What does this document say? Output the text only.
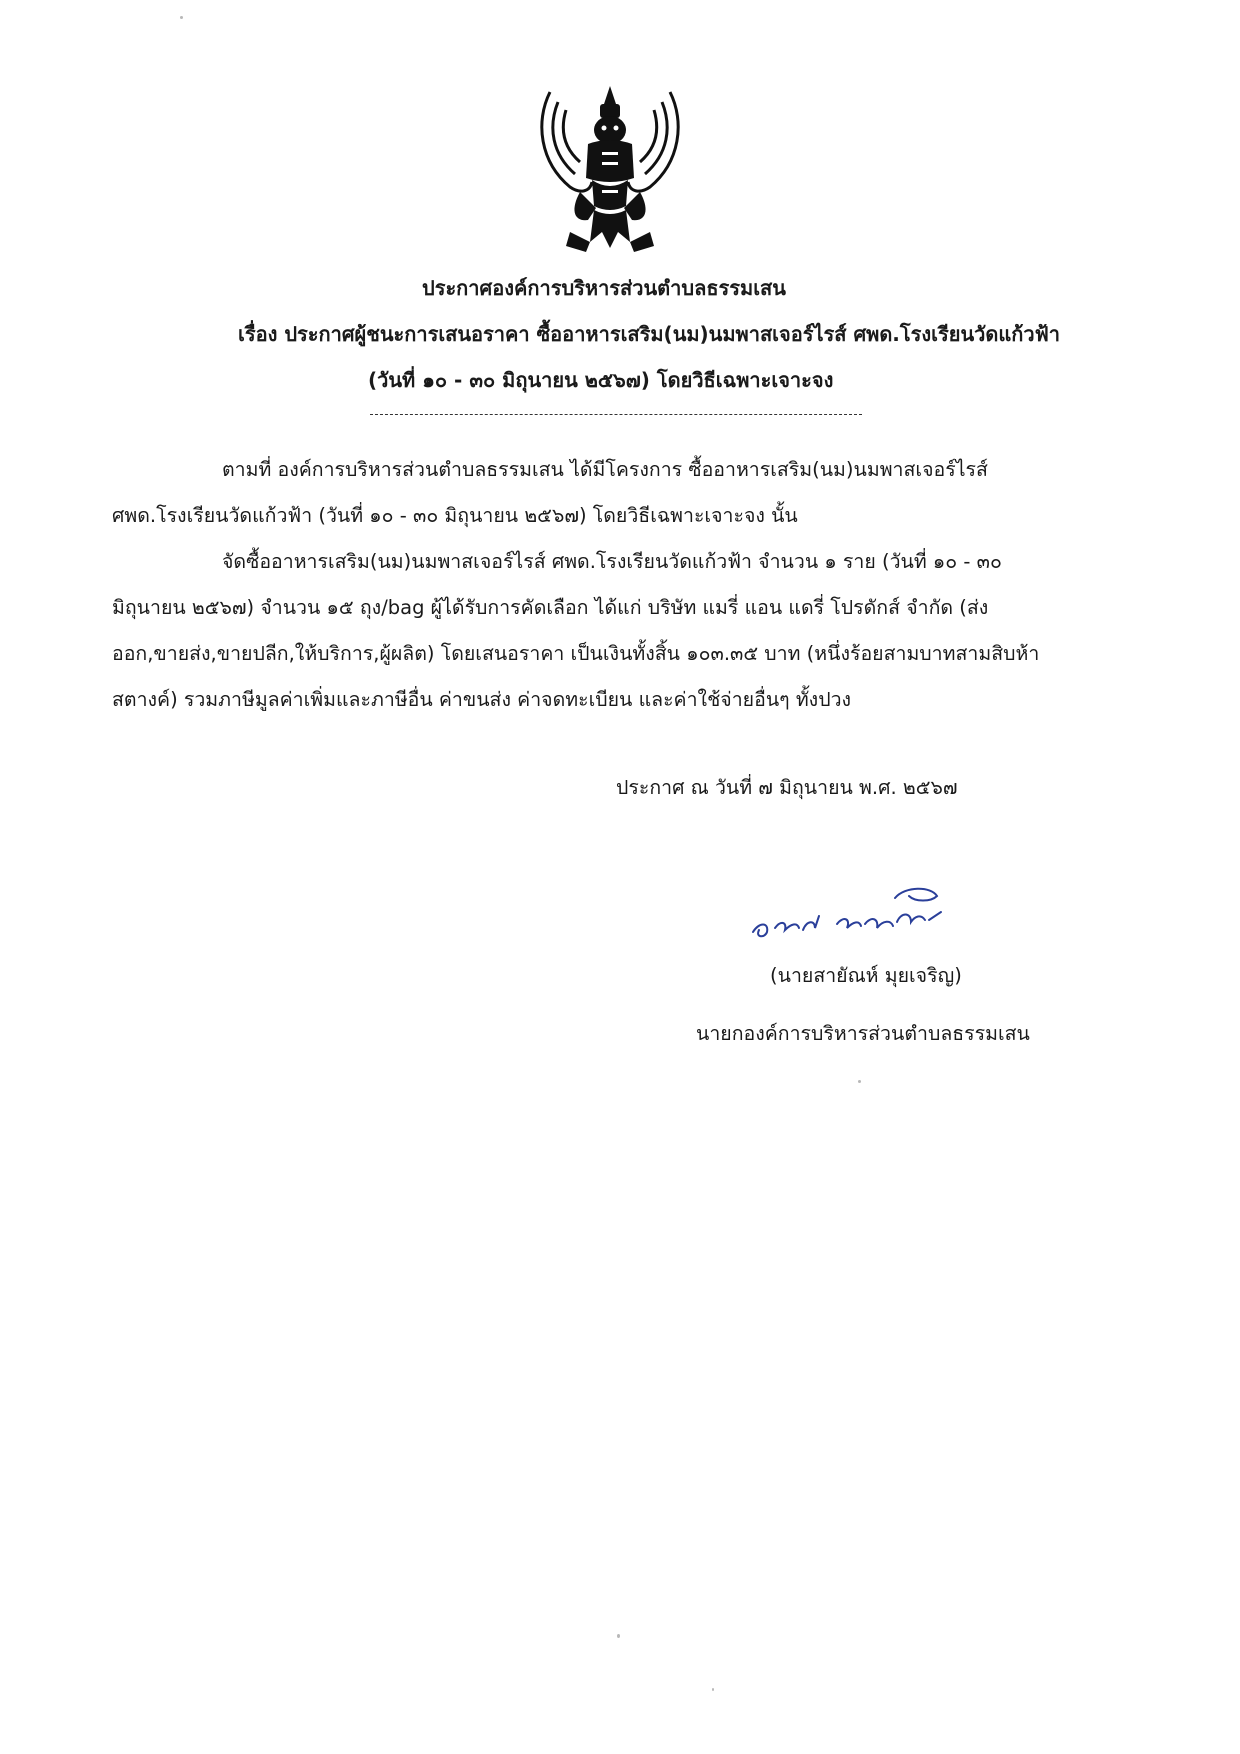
ประกาศองค์การบริหารส่วนตำบลธรรมเสน
เรื่อง ประกาศผู้ชนะการเสนอราคา ซื้ออาหารเสริม(นม)นมพาสเจอร์ไรส์ ศพด.โรงเรียนวัดแก้วฟ้า
(วันที่ ๑๐ - ๓๐ มิถุนายน ๒๕๖๗) โดยวิธีเฉพาะเจาะจง
ตามที่ องค์การบริหารส่วนตำบลธรรมเสน ได้มีโครงการ ซื้ออาหารเสริม(นม)นมพาสเจอร์ไรส์
ศพด.โรงเรียนวัดแก้วฟ้า (วันที่ ๑๐ - ๓๐ มิถุนายน ๒๕๖๗) โดยวิธีเฉพาะเจาะจง นั้น
จัดซื้ออาหารเสริม(นม)นมพาสเจอร์ไรส์ ศพด.โรงเรียนวัดแก้วฟ้า จำนวน ๑ ราย (วันที่ ๑๐ - ๓๐
มิถุนายน ๒๕๖๗) จำนวน ๑๕ ถุง/bag ผู้ได้รับการคัดเลือก ได้แก่ บริษัท แมรี่ แอน แดรี่ โปรดักส์ จำกัด (ส่ง
ออก,ขายส่ง,ขายปลีก,ให้บริการ,ผู้ผลิต) โดยเสนอราคา เป็นเงินทั้งสิ้น ๑๐๓.๓๕ บาท (หนึ่งร้อยสามบาทสามสิบห้า
สตางค์) รวมภาษีมูลค่าเพิ่มและภาษีอื่น ค่าขนส่ง ค่าจดทะเบียน และค่าใช้จ่ายอื่นๆ ทั้งปวง
ประกาศ ณ วันที่ ๗ มิถุนายน พ.ศ. ๒๕๖๗
(นายสายัณห์ มุยเจริญ)
นายกองค์การบริหารส่วนตำบลธรรมเสน
